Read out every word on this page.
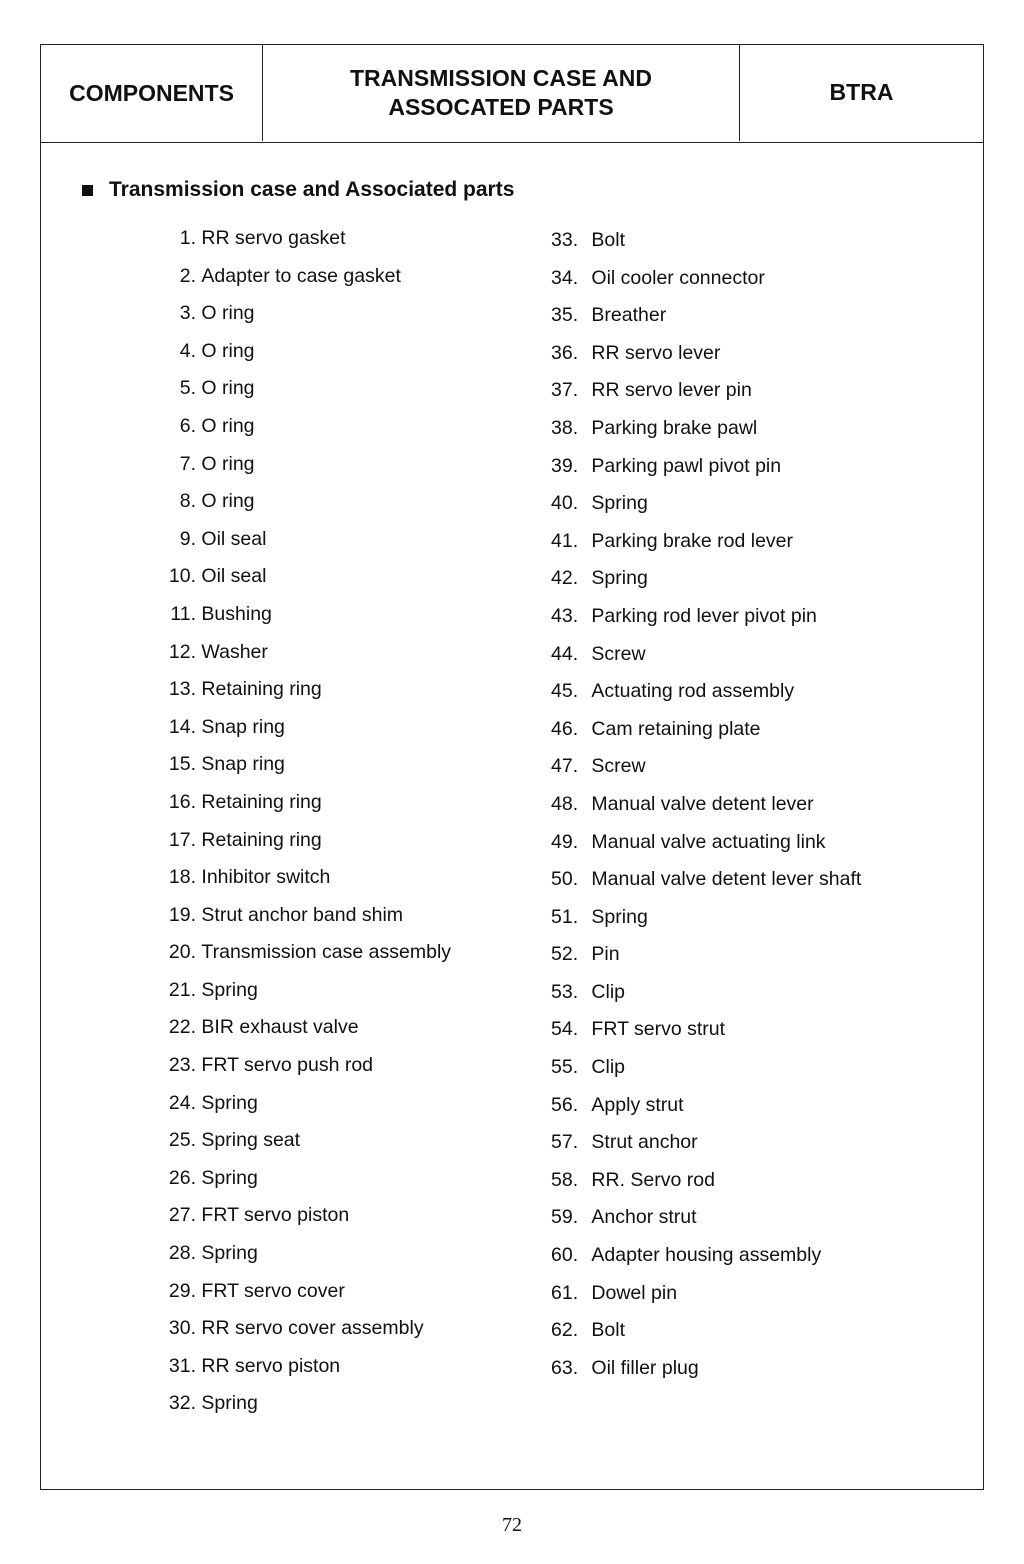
COMPONENTS
TRANSMISSION CASE AND
ASSOCATED PARTS
BTRA
Transmission case and Associated parts
1.
RR servo gasket
2.
Adapter to case gasket
3.
O ring
4.
O ring
5.
O ring
6.
O ring
7.
O ring
8.
O ring
9.
Oil seal
10.
Oil seal
11.
Bushing
12.
Washer
13.
Retaining ring
14.
Snap ring
15.
Snap ring
16.
Retaining ring
17.
Retaining ring
18.
Inhibitor switch
19.
Strut anchor band shim
20.
Transmission case assembly
21.
Spring
22.
BIR exhaust valve
23.
FRT servo push rod
24.
Spring
25.
Spring seat
26.
Spring
27.
FRT servo piston
28.
Spring
29.
FRT servo cover
30.
RR servo cover assembly
31.
RR servo piston
32.
Spring
33.
Bolt
34.
Oil cooler connector
35.
Breather
36.
RR servo lever
37.
RR servo lever pin
38.
Parking brake pawl
39.
Parking pawl pivot pin
40.
Spring
41.
Parking brake rod lever
42.
Spring
43.
Parking rod lever pivot pin
44.
Screw
45.
Actuating rod assembly
46.
Cam retaining plate
47.
Screw
48.
Manual valve detent lever
49.
Manual valve actuating link
50.
Manual valve detent lever shaft
51.
Spring
52.
Pin
53.
Clip
54.
FRT servo strut
55.
Clip
56.
Apply strut
57.
Strut anchor
58.
RR. Servo rod
59.
Anchor strut
60.
Adapter housing assembly
61.
Dowel pin
62.
Bolt
63.
Oil filler plug
72
